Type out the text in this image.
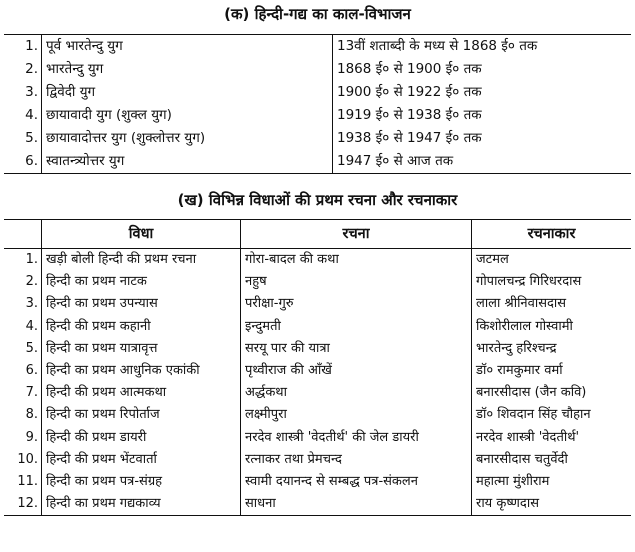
(क) हिन्दी-गद्य का काल-विभाजन
1.	पूर्व भारतेन्दु युग	13वीं शताब्दी के मध्य से 1868 ई० तक
2.	भारतेन्दु युग	1868 ई० से 1900 ई० तक
3.	द्विवेदी युग	1900 ई० से 1922 ई० तक
4.	छायावादी युग (शुक्ल युग)	1919 ई० से 1938 ई० तक
5.	छायावादोत्तर युग (शुक्लोत्तर युग)	1938 ई० से 1947 ई० तक
6.	स्वातन्त्र्योत्तर युग	1947 ई० से आज तक
(ख) विभिन्न विधाओं की प्रथम रचना और रचनाकार
	विधा	रचना	रचनाकार
1.	खड़ी बोली हिन्दी की प्रथम रचना	गोरा-बादल की कथा	जटमल
2.	हिन्दी का प्रथम नाटक	नहुष	गोपालचन्द्र गिरिधरदास
3.	हिन्दी का प्रथम उपन्यास	परीक्षा-गुरु	लाला श्रीनिवासदास
4.	हिन्दी की प्रथम कहानी	इन्दुमती	किशोरीलाल गोस्वामी
5.	हिन्दी का प्रथम यात्रावृत्त	सरयू पार की यात्रा	भारतेन्दु हरिश्चन्द्र
6.	हिन्दी का प्रथम आधुनिक एकांकी	पृथ्वीराज की आँखें	डॉ० रामकुमार वर्मा
7.	हिन्दी की प्रथम आत्मकथा	अर्द्धकथा	बनारसीदास (जैन कवि)
8.	हिन्दी का प्रथम रिपोर्ताज	लक्ष्मीपुरा	डॉ० शिवदान सिंह चौहान
9.	हिन्दी की प्रथम डायरी	नरदेव शास्त्री 'वेदतीर्थ' की जेल डायरी	नरदेव शास्त्री 'वेदतीर्थ'
10.	हिन्दी की प्रथम भेंटवार्ता	रत्नाकर तथा प्रेमचन्द	बनारसीदास चतुर्वेदी
11.	हिन्दी का प्रथम पत्र-संग्रह	स्वामी दयानन्द से सम्बद्ध पत्र-संकलन	महात्मा मुंशीराम
12.	हिन्दी का प्रथम गद्यकाव्य	साधना	राय कृष्णदास
